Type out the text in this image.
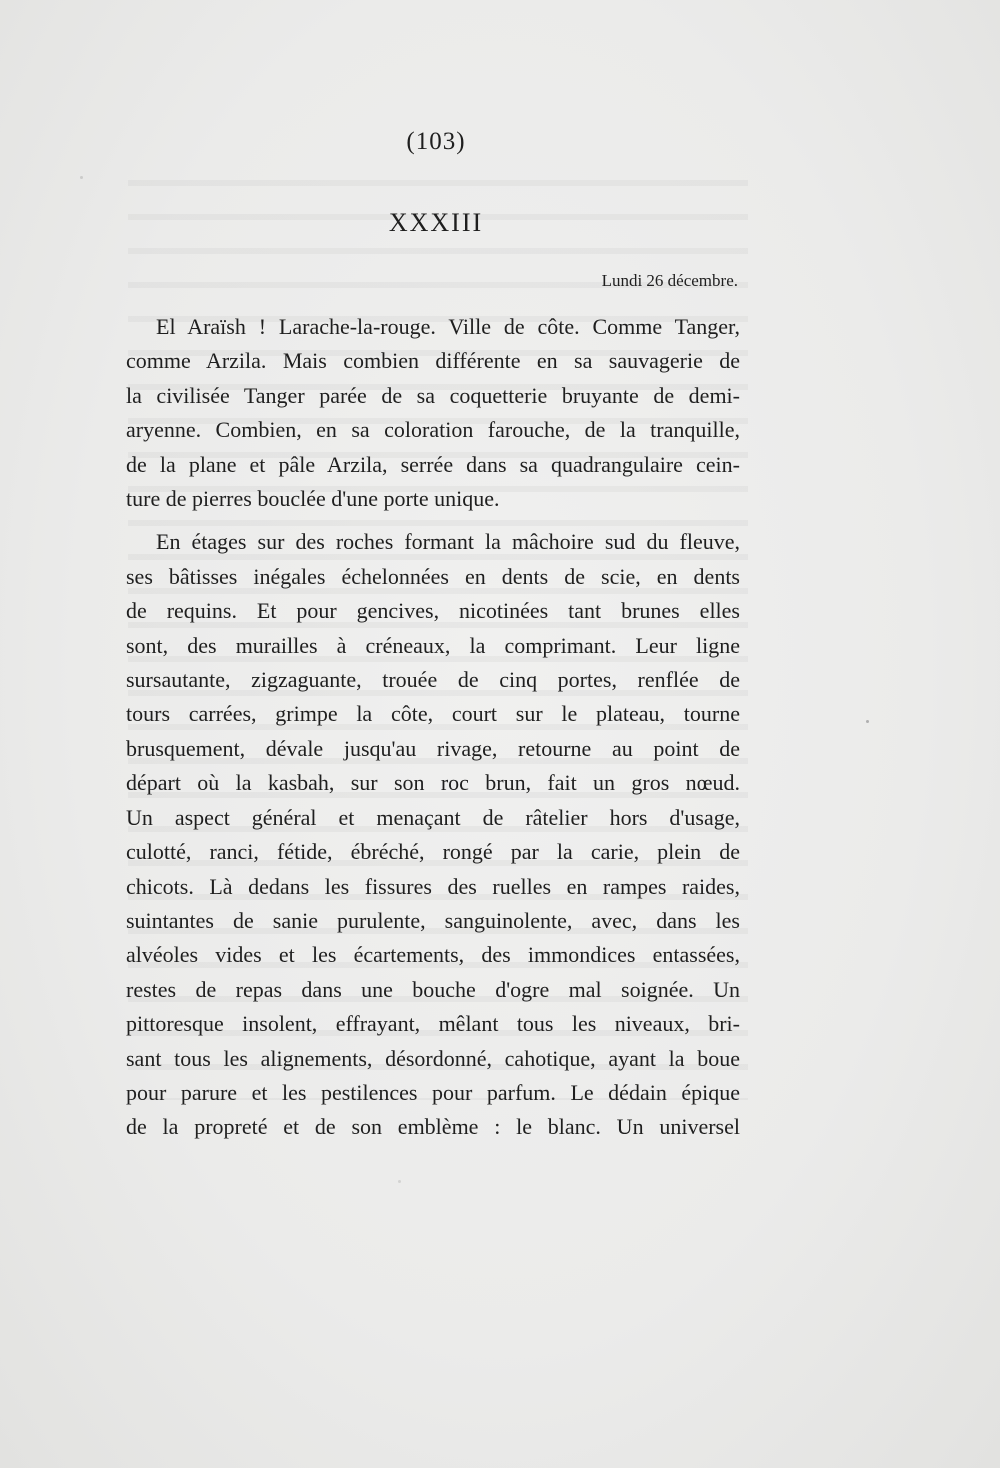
(103)
XXXIII
Lundi 26 décembre.

El Araïsh ! Larache-la-rouge. Ville de côte. Comme Tanger,
comme Arzila. Mais combien différente en sa sauvagerie de
la civilisée Tanger parée de sa coquetterie bruyante de demi-
aryenne. Combien, en sa coloration farouche, de la tranquille,
de la plane et pâle Arzila, serrée dans sa quadrangulaire cein-
ture de pierres bouclée d'une porte unique.

En étages sur des roches formant la mâchoire sud du fleuve,
ses bâtisses inégales échelonnées en dents de scie, en dents
de requins. Et pour gencives, nicotinées tant brunes elles
sont, des murailles à créneaux, la comprimant. Leur ligne
sursautante, zigzaguante, trouée de cinq portes, renflée de
tours carrées, grimpe la côte, court sur le plateau, tourne
brusquement, dévale jusqu'au rivage, retourne au point de
départ où la kasbah, sur son roc brun, fait un gros nœud.
Un aspect général et menaçant de râtelier hors d'usage,
culotté, ranci, fétide, ébréché, rongé par la carie, plein de
chicots. Là dedans les fissures des ruelles en rampes raides,
suintantes de sanie purulente, sanguinolente, avec, dans les
alvéoles vides et les écartements, des immondices entassées,
restes de repas dans une bouche d'ogre mal soignée. Un
pittoresque insolent, effrayant, mêlant tous les niveaux, bri-
sant tous les alignements, désordonné, cahotique, ayant la boue
pour parure et les pestilences pour parfum. Le dédain épique
de la propreté et de son emblème : le blanc. Un universel
